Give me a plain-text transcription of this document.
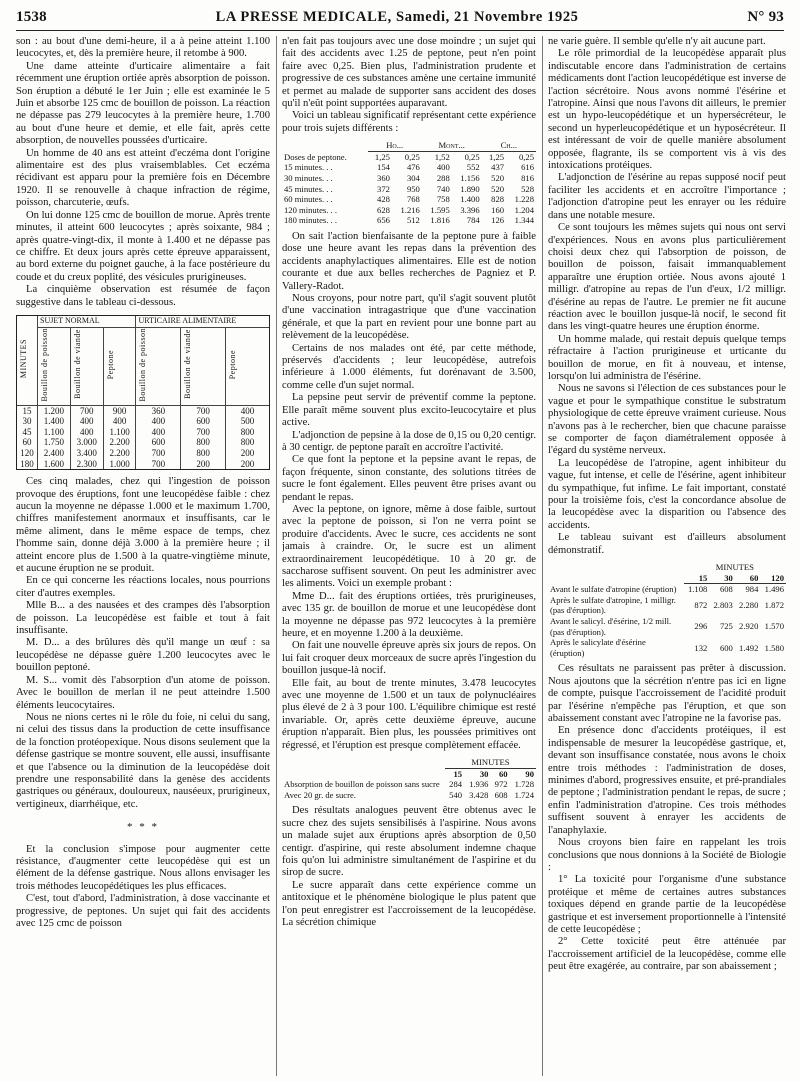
1538	LA PRESSE MEDICALE, Samedi, 21 Novembre 1925	N° 93

son : au bout d'une demi-heure, il a à peine atteint 1.100 leucocytes, et, dès la première heure, il retombe à 900.

Une dame atteinte d'urticaire alimentaire a fait récemment une éruption ortiée après absorption de poisson. Son éruption a débuté le 1er Juin ; elle est examinée le 5 Juin et absorbe 125 cmc de bouillon de poisson. La réaction ne dépasse pas 279 leucocytes à la première heure, 1.700 au bout d'une heure et demie, et elle fait, après cette absorption, de nouvelles poussées d'urticaire.

Un homme de 40 ans est atteint d'eczéma dont l'origine alimentaire est des plus vraisemblables. Cet eczéma récidivant est apparu pour la première fois en Décembre 1920. Il se renouvelle à chaque infraction de régime, poisson, charcuterie, œufs.

On lui donne 125 cmc de bouillon de morue. Après trente minutes, il atteint 600 leucocytes ; après soixante, 984 ; après quatre-vingt-dix, il monte à 1.400 et ne dépasse pas ce chiffre. Et deux jours après cette épreuve apparaissent, au bord externe du poignet gauche, à la face postérieure du coude et du creux poplité, des vésicules prurigineuses.

La cinquième observation est résumée de façon suggestive dans le tableau ci-dessous.

MINUTES	SUJET NORMAL			URTICAIRE ALIMENTAIRE		
	Bouillon de poisson	Bouillon de viande	Peptone	Bouillon de poisson	Bouillon de viande	Peptone
15	1.200	700	900	360	700	400
30	1.400	400	400	400	600	500
45	1.100	400	1.100	400	700	800
60	1.750	3.000	2.200	600	800	800
120	2.400	3.400	2.200	700	800	200
180	1.600	2.300	1.000	700	200	200

Ces cinq malades, chez qui l'ingestion de poisson provoque des éruptions, font une leucopédèse faible : chez aucun la moyenne ne dépasse 1.000 et le maximum 1.700, chiffres manifestement anormaux et insuffisants, car le même aliment, dans le même espace de temps, chez l'homme sain, donne déjà 3.000 à la première heure ; il atteint encore plus de 1.500 à la quatre-vingtième minute, et aucune éruption ne se produit.

En ce qui concerne les réactions locales, nous pourrions citer d'autres exemples.

Mlle B... a des nausées et des crampes dès l'absorption de poisson. La leucopédèse est faible et tout à fait insuffisante.

M. D... a des brûlures dès qu'il mange un œuf : sa leucopédèse ne dépasse guère 1.200 leucocytes avec le bouillon peptoné.

M. S... vomit dès l'absorption d'un atome de poisson. Avec le bouillon de merlan il ne peut atteindre 1.500 éléments leucocytaires.

Nous ne nions certes ni le rôle du foie, ni celui du sang, ni celui des tissus dans la production de cette insuffisance de la fonction protéopexique. Nous disons seulement que la défense gastrique se montre souvent, elle aussi, insuffisante et que l'absence ou la diminution de la leucopédèse doit prendre une responsabilité dans la genèse des accidents gastriques ou généraux, douloureux, nauséeux, prurigineux, vertigineux, diarrhéique, etc.

* * *

Et la conclusion s'impose pour augmenter cette résistance, d'augmenter cette leucopédèse qui est un élément de la défense gastrique. Nous allons envisager les trois méthodes leucopédétiques les plus efficaces.

C'est, tout d'abord, l'administration, à dose vaccinante et progressive, de peptones. Un sujet qui fait des accidents avec 125 cmc de poisson

n'en fait pas toujours avec une dose moindre ; un sujet qui fait des accidents avec 1.25 de peptone, peut n'en point faire avec 0,25. Bien plus, l'administration prudente et progressive de ces substances amène une certaine immunité et permet au malade de supporter sans accident des doses qu'il n'eût point supportées auparavant.

Voici un tableau significatif représentant cette expérience pour trois sujets différents :

	Ho...		Mont...		Ch...	
Doses de peptone.	1,25	0,25	1,52	0,25	1,25	0,25
15 minutes. . .	154	476	400	552	437	616
30 minutes. . .	360	304	288	1.156	520	816
45 minutes. . .	372	950	740	1.890	520	528
60 minutes. . .	428	768	758	1.400	828	1.228
120 minutes. . .	628	1.216	1.595	3.396	160	1.204
180 minutes. . .	656	512	1.816	784	126	1.344

On sait l'action bienfaisante de la peptone pure à faible dose une heure avant les repas dans la prévention des accidents anaphylactiques alimentaires. Elle est de notion courante et due aux belles recherches de Pagniez et P. Vallery-Radot.

Nous croyons, pour notre part, qu'il s'agit souvent plutôt d'une vaccination intragastrique que d'une vaccination générale, et que la part en revient pour une bonne part au relèvement de la leucopédèse.

Certains de nos malades ont été, par cette méthode, préservés d'accidents ; leur leucopédèse, autrefois inférieure à 1.000 éléments, fut dorénavant de 3.500, comme celle d'un sujet normal.

La pepsine peut servir de préventif comme la peptone. Elle paraît même souvent plus excito-leucocytaire et plus active.

L'adjonction de pepsine à la dose de 0,15 ou 0,20 centigr. à 30 centigr. de peptone paraît en accroître l'activité.

Ce que font la peptone et la pepsine avant le repas, de façon fréquente, sinon constante, des solutions titrées de sucre le font également. Elles peuvent être prises avant ou pendant le repas.

Avec la peptone, on ignore, même à dose faible, surtout avec la peptone de poisson, si l'on ne verra point se produire d'accidents. Avec le sucre, ces accidents ne sont jamais à craindre. Or, le sucre est un aliment extraordinairement leucopédétique. 10 à 20 gr. de saccharose suffisent souvent. On peut les administrer avec les aliments. Voici un exemple probant :

Mme D... fait des éruptions ortiées, très prurigineuses, avec 135 gr. de bouillon de morue et une leucopédèse dont la moyenne ne dépasse pas 972 leucocytes à la première heure, et en moyenne 1.200 à la deuxième.

On fait une nouvelle épreuve après six jours de repos. On lui fait croquer deux morceaux de sucre après l'ingestion du bouillon jusque-là nocif.

Elle fait, au bout de trente minutes, 3.478 leucocytes avec une moyenne de 1.500 et un taux de polynucléaires plus élevé de 2 à 3 pour 100. L'équilibre chimique est resté invariable. Or, après cette deuxième épreuve, aucune éruption n'apparaît. Bien plus, les poussées primitives ont régressé, et l'éruption est presque complètement effacée.

	MINUTES			
	15	30	60	90
Absorption de bouillon de poisson sans sucre	284	1.936	972	1.728
Avec 20 gr. de sucre.	540	3.428	608	1.724

Des résultats analogues peuvent être obtenus avec le sucre chez des sujets sensibilisés à l'aspirine. Nous avons un malade sujet aux éruptions après absorption de 0,50 centigr. d'aspirine, qui reste absolument indemne chaque fois qu'on lui administre simultanément de l'aspirine et du sirop de sucre.

Le sucre apparaît dans cette expérience comme un antitoxique et le phénomène biologique le plus patent que l'on peut enregistrer est l'accroissement de la leucopédèse. La sécrétion chimique

ne varie guère. Il semble qu'elle n'y ait aucune part.

Le rôle primordial de la leucopédèse apparaît plus indiscutable encore dans l'administration de certains médicaments dont l'action leucopédétique est inverse de l'action sécrétoire. Nous avons nommé l'ésérine et l'atropine. Ainsi que nous l'avons dit ailleurs, le premier est un hypo-leucopédétique et un hypersécréteur, le second un hyperleucopédétique et un hyposécréteur. Il est intéressant de voir de quelle manière absolument opposée, flagrante, ils se comportent vis à vis des intoxications protéiques.

L'adjonction de l'ésérine au repas supposé nocif peut faciliter les accidents et en accroître l'importance ; l'adjonction d'atropine peut les enrayer ou les réduire dans une notable mesure.

Ce sont toujours les mêmes sujets qui nous ont servi d'expériences. Nous en avons plus particulièrement choisi deux chez qui l'absorption de poisson, de bouillon de poisson, faisait immanquablement apparaître une éruption ortiée. Nous avons ajouté 1 milligr. d'atropine au repas de l'un d'eux, 1/2 milligr. d'ésérine au repas de l'autre. Le premier ne fit aucune réaction avec le bouillon jusque-là nocif, le second fit dans les vingt-quatre heures une éruption énorme.

Un homme malade, qui restait depuis quelque temps réfractaire à l'action prurigineuse et urticante du bouillon de morue, en fit à nouveau, et intense, lorsqu'on lui administra de l'ésérine.

Nous ne savons si l'élection de ces substances pour le vague et pour le sympathique constitue le substratum physiologique de cette épreuve vraiment curieuse. Nous n'avons pas à le rechercher, bien que chacune paraisse se comporter de façon diamétralement opposée à l'égard du système nerveux.

La leucopédèse de l'atropine, agent inhibiteur du vague, fut intense, et celle de l'ésérine, agent inhibiteur du sympathique, fut infime. Le fait important, constaté pour la troisième fois, c'est la concordance absolue de la leucopédèse avec la disparition ou l'absence des accidents.

Le tableau suivant est d'ailleurs absolument démonstratif.

	MINUTES			
	15	30	60	120
Avant le sulfate d'atropine (éruption)	1.108	608	984	1.496
Après le sulfate d'atropine, 1 milligr. (pas d'éruption).	872	2.803	2.280	1.872
Avant le salicyl. d'ésérine, 1/2 mill. (pas d'éruption).	296	725	2.920	1.570
Après le salicylate d'ésérine (éruption)	132	600	1.492	1.580

Ces résultats ne paraissent pas prêter à discussion. Nous ajoutons que la sécrétion n'entre pas ici en ligne de compte, puisque l'accroissement de l'acidité produit par l'ésérine n'empêche pas l'éruption, et que son abaissement constant avec l'atropine ne la favorise pas.

En présence donc d'accidents protéiques, il est indispensable de mesurer la leucopédèse gastrique, et, devant son insuffisance constatée, nous avons le choix entre trois méthodes : l'administration de doses, minimes d'abord, progressives ensuite, et pré-prandiales de peptone ; l'administration pendant le repas, de sucre ; enfin l'administration d'atropine. Ces trois méthodes suffisent souvent à enrayer les accidents de l'anaphylaxie.

Nous croyons bien faire en rappelant les trois conclusions que nous donnions à la Société de Biologie :

1° La toxicité pour l'organisme d'une substance protéique et même de certaines autres substances toxiques dépend en grande partie de la leucopédèse gastrique et est inversement proportionnelle à l'intensité de cette leucopédèse ;

2° Cette toxicité peut être atténuée par l'accroissement artificiel de la leucopédèse, comme elle peut être exagérée, au contraire, par son abaissement ;
